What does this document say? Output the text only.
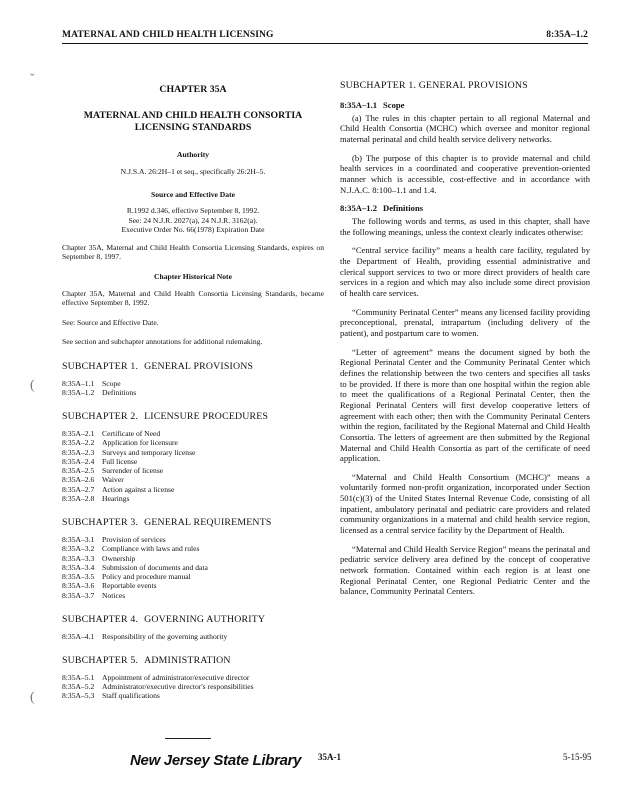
MATERNAL AND CHILD HEALTH LICENSING	8:35A–1.2
CHAPTER 35A
MATERNAL AND CHILD HEALTH CONSORTIA LICENSING STANDARDS
Authority
N.J.S.A. 26:2H–1 et seq., specifically 26:2H–5.
Source and Effective Date
R.1992 d.346, effective September 8, 1992.
See: 24 N.J.R. 2027(a), 24 N.J.R. 3162(a).
Executive Order No. 66(1978) Expiration Date
Chapter 35A, Maternal and Child Health Consortia Licensing Standards, expires on September 8, 1997.
Chapter Historical Note
Chapter 35A, Maternal and Child Health Consortia Licensing Standards, became effective September 8, 1992.
See: Source and Effective Date.
See section and subchapter annotations for additional rulemaking.
SUBCHAPTER 1. GENERAL PROVISIONS
8:35A–1.1	Scope
8:35A–1.2	Definitions
SUBCHAPTER 2. LICENSURE PROCEDURES
8:35A–2.1	Certificate of Need
8:35A–2.2	Application for licensure
8:35A–2.3	Surveys and temporary license
8:35A–2.4	Full license
8:35A–2.5	Surrender of license
8:35A–2.6	Waiver
8:35A–2.7	Action against a license
8:35A–2.8	Hearings
SUBCHAPTER 3. GENERAL REQUIREMENTS
8:35A–3.1	Provision of services
8:35A–3.2	Compliance with laws and rules
8:35A–3.3	Ownership
8:35A–3.4	Submission of documents and data
8:35A–3.5	Policy and procedure manual
8:35A–3.6	Reportable events
8:35A–3.7	Notices
SUBCHAPTER 4. GOVERNING AUTHORITY
8:35A–4.1	Responsibility of the governing authority
SUBCHAPTER 5. ADMINISTRATION
8:35A–5.1	Appointment of administrator/executive director
8:35A–5.2	Administrator/executive director's responsibilities
8:35A–5.3	Staff qualifications
SUBCHAPTER 1. GENERAL PROVISIONS
8:35A–1.1 Scope

(a) The rules in this chapter pertain to all regional Maternal and Child Health Consortia (MCHC) which oversee and monitor regional maternal perinatal and child health service delivery networks.

(b) The purpose of this chapter is to provide maternal and child health services in a coordinated and cooperative prevention-oriented manner which is accessible, cost-effective and in accordance with N.J.A.C. 8:100–1.1 and 1.4.

8:35A–1.2 Definitions

The following words and terms, as used in this chapter, shall have the following meanings, unless the context clearly indicates otherwise:

“Central service facility” means a health care facility, regulated by the Department of Health, providing essential administrative and clerical support services to two or more direct providers of health care services in a region and which may also include some direct provision of health care services.

“Community Perinatal Center” means any licensed facility providing preconceptional, prenatal, intrapartum (including delivery of the patient), and postpartum care to women.

“Letter of agreement” means the document signed by both the Regional Perinatal Center and the Community Perinatal Center which defines the relationship between the two centers and specifies all tasks to be provided. If there is more than one hospital within the region able to meet the qualifications of a Regional Perinatal Center, then the Regional Perinatal Centers will first develop cooperative letters of agreement with each other; then with the Community Perinatal Centers within the region, facilitated by the Regional Maternal and Child Health Consortia. The letters of agreement are then submitted by the Regional Maternal and Child Health Consortia as part of the certificate of need application.

“Maternal and Child Health Consortium (MCHC)” means a voluntarily formed non-profit organization, incorporated under Section 501(c)(3) of the United States Internal Revenue Code, consisting of all inpatient, ambulatory perinatal and pediatric care providers and related community organizations in a maternal and child health service region, licensed as a central service facility by the Department of Health.

“Maternal and Child Health Service Region” means the perinatal and pediatric service delivery area defined by the concept of cooperative network formation. Contained within each region is at least one Regional Perinatal Center, one Regional Pediatric Center and the balance, Community Perinatal Centers.

New Jersey State Library 35A-1	5-15-95
˘
(
(
